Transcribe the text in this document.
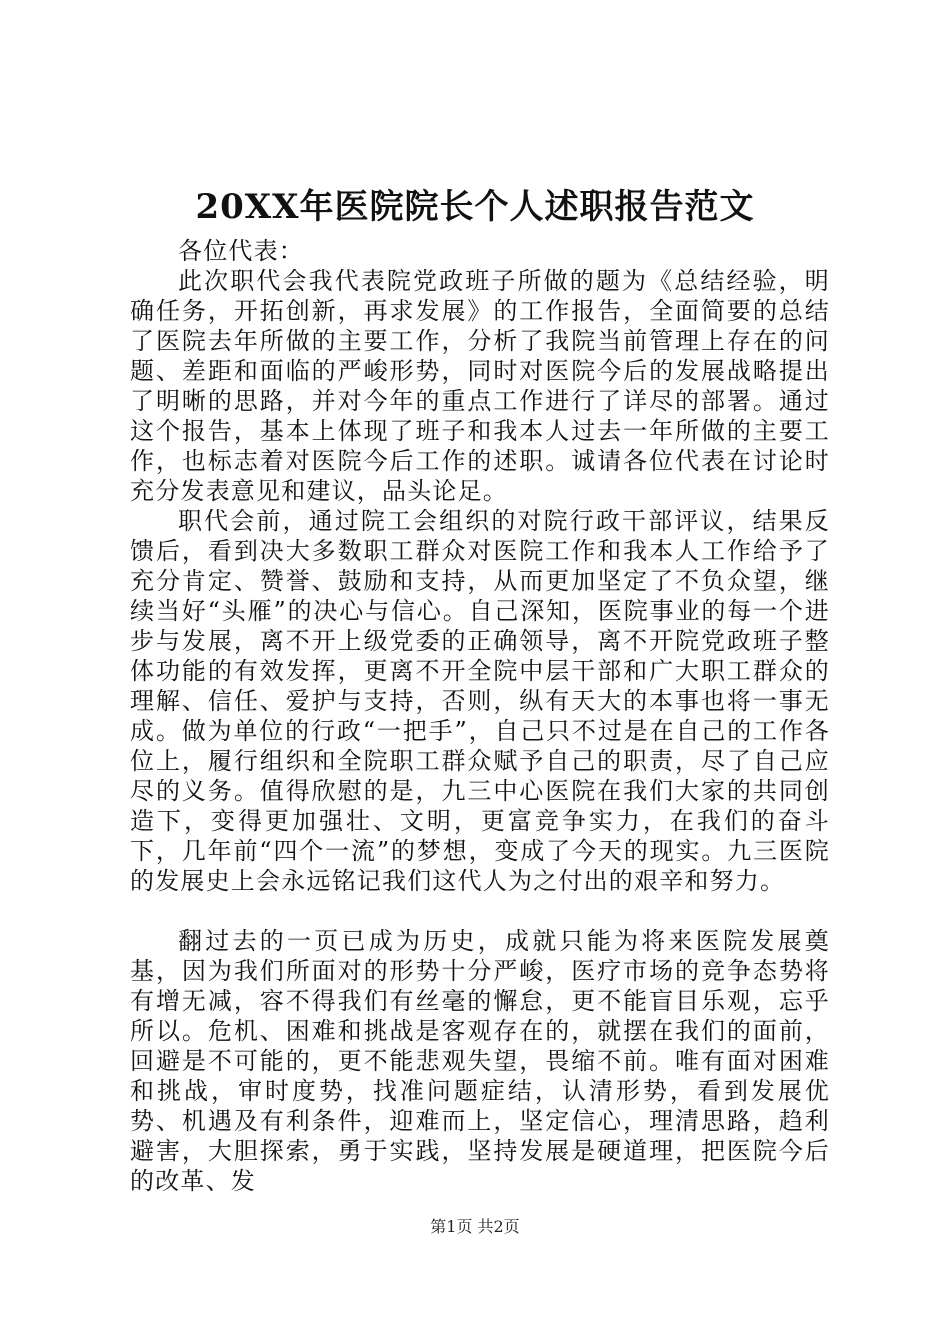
20XX年医院院长个人述职报告范文

各位代表：

此次职代会我代表院党政班子所做的题为《总结经验，明确任务，开拓创新，再求发展》的工作报告，全面简要的总结了医院去年所做的主要工作，分析了我院当前管理上存在的问题、差距和面临的严峻形势，同时对医院今后的发展战略提出了明晰的思路，并对今年的重点工作进行了详尽的部署。通过这个报告，基本上体现了班子和我本人过去一年所做的主要工作，也标志着对医院今后工作的述职。诚请各位代表在讨论时充分发表意见和建议，品头论足。

职代会前，通过院工会组织的对院行政干部评议，结果反馈后，看到决大多数职工群众对医院工作和我本人工作给予了充分肯定、赞誉、鼓励和支持，从而更加坚定了不负众望，继续当好“头雁”的决心与信心。自己深知，医院事业的每一个进步与发展，离不开上级党委的正确领导，离不开院党政班子整体功能的有效发挥，更离不开全院中层干部和广大职工群众的理解、信任、爱护与支持，否则，纵有天大的本事也将一事无成。做为单位的行政“一把手”，自己只不过是在自己的工作各位上，履行组织和全院职工群众赋予自己的职责，尽了自己应尽的义务。值得欣慰的是，九三中心医院在我们大家的共同创造下，变得更加强壮、文明，更富竞争实力，在我们的奋斗下，几年前“四个一流”的梦想，变成了今天的现实。九三医院的发展史上会永远铭记我们这代人为之付出的艰辛和努力。

翻过去的一页已成为历史，成就只能为将来医院发展奠基，因为我们所面对的形势十分严峻，医疗市场的竞争态势将有增无减，容不得我们有丝毫的懈怠，更不能盲目乐观，忘乎所以。危机、困难和挑战是客观存在的，就摆在我们的面前，回避是不可能的，更不能悲观失望，畏缩不前。唯有面对困难和挑战，审时度势，找准问题症结，认清形势，看到发展优势、机遇及有利条件，迎难而上，坚定信心，理清思路，趋利避害，大胆探索，勇于实践，坚持发展是硬道理，把医院今后的改革、发

第1页 共2页
